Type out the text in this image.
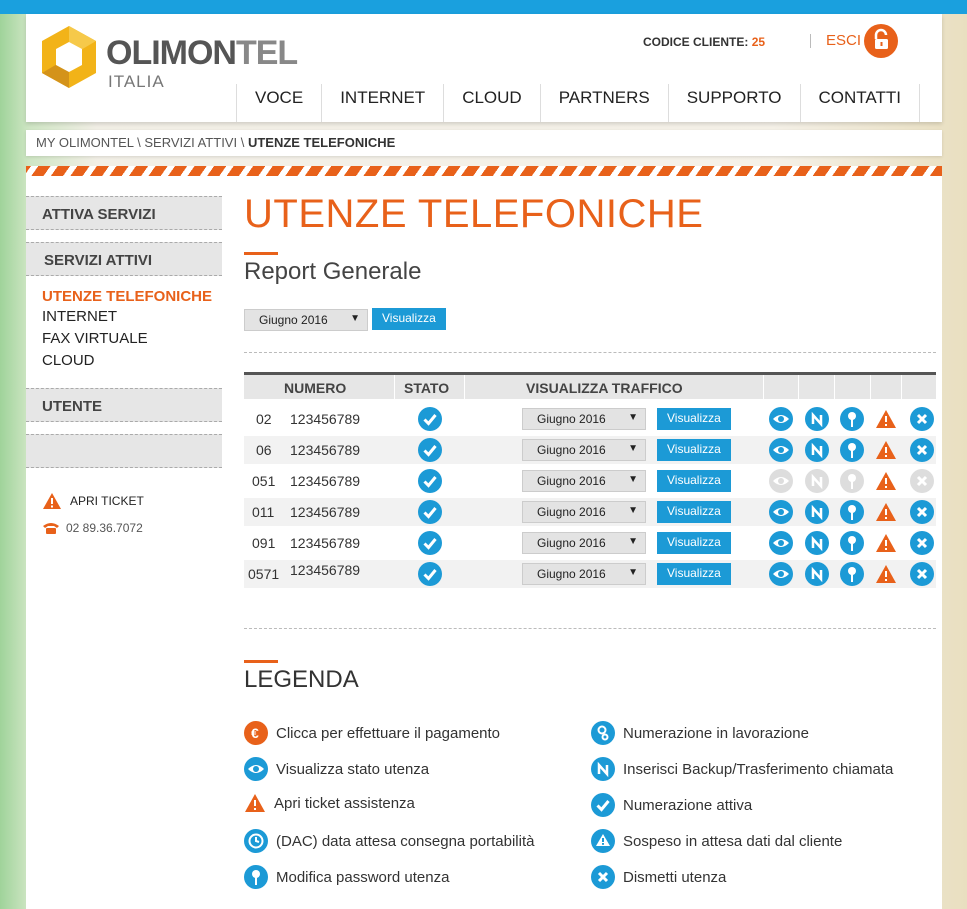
OLIMONTEL
ITALIA
CODICE CLIENTE: 25	ESCI
VOCE	INTERNET	CLOUD	PARTNERS	SUPPORTO	CONTATTI
MY OLIMONTEL \ SERVIZI ATTIVI \ UTENZE TELEFONICHE
ATTIVA SERVIZI
SERVIZI ATTIVI
UTENZE TELEFONICHE
INTERNET
FAX VIRTUALE
CLOUD
UTENTE
APRI TICKET
02 89.36.7072
UTENZE TELEFONICHE
Report Generale
Giugno 2016 ▼	Visualizza
NUMERO	STATO	VISUALIZZA TRAFFICO
02 123456789	Giugno 2016 ▼	Visualizza
06 123456789	Giugno 2016 ▼	Visualizza
051 123456789	Giugno 2016 ▼	Visualizza
011 123456789	Giugno 2016 ▼	Visualizza
091 123456789	Giugno 2016 ▼	Visualizza
0571 123456789	Giugno 2016 ▼	Visualizza
LEGENDA
€ Clicca per effettuare il pagamento
Visualizza stato utenza
Apri ticket assistenza
(DAC) data attesa consegna portabilità
Modifica password utenza
Numerazione in lavorazione
Inserisci Backup/Trasferimento chiamata
Numerazione attiva
Sospeso in attesa dati dal cliente
Dismetti utenza
